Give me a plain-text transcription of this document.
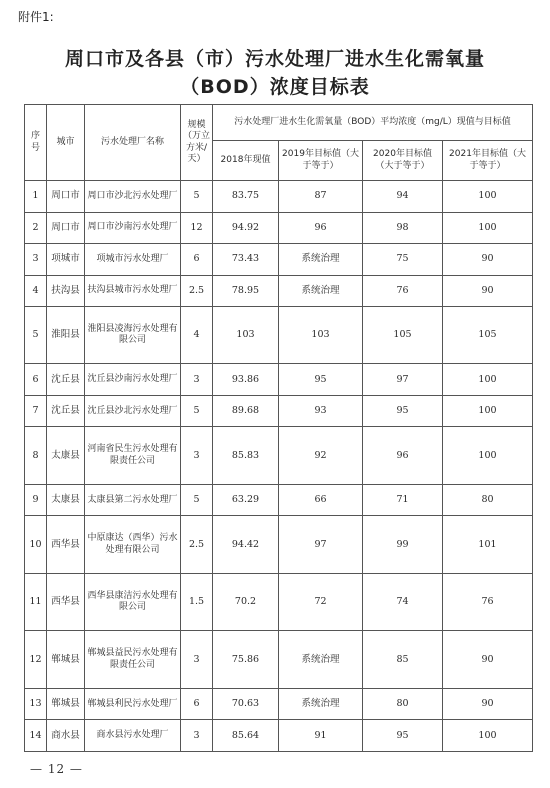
附件1:
周口市及各县（市）污水处理厂进水生化需氧量
（BOD）浓度目标表
序号	城市	污水处理厂名称	规模（万立方米/天）	污水处理厂进水生化需氧量（BOD）平均浓度（mg/L）现值与目标值			
				2018年现值	2019年目标值（大于等于）	2020年目标值（大于等于）	2021年目标值（大于等于）
1	周口市	周口市沙北污水处理厂	5	83.75	87	94	100
2	周口市	周口市沙南污水处理厂	12	94.92	96	98	100
3	项城市	项城市污水处理厂	6	73.43	系统治理	75	90
4	扶沟县	扶沟县城市污水处理厂	2.5	78.95	系统治理	76	90
5	淮阳县	淮阳县凌海污水处理有限公司	4	103	103	105	105
6	沈丘县	沈丘县沙南污水处理厂	3	93.86	95	97	100
7	沈丘县	沈丘县沙北污水处理厂	5	89.68	93	95	100
8	太康县	河南省民生污水处理有限责任公司	3	85.83	92	96	100
9	太康县	太康县第二污水处理厂	5	63.29	66	71	80
10	西华县	中原康达（西华）污水处理有限公司	2.5	94.42	97	99	101
11	西华县	西华县康洁污水处理有限公司	1.5	70.2	72	74	76
12	郸城县	郸城县益民污水处理有限责任公司	3	75.86	系统治理	85	90
13	郸城县	郸城县利民污水处理厂	6	70.63	系统治理	80	90
14	商水县	商水县污水处理厂	3	85.64	91	95	100
— 12 —
